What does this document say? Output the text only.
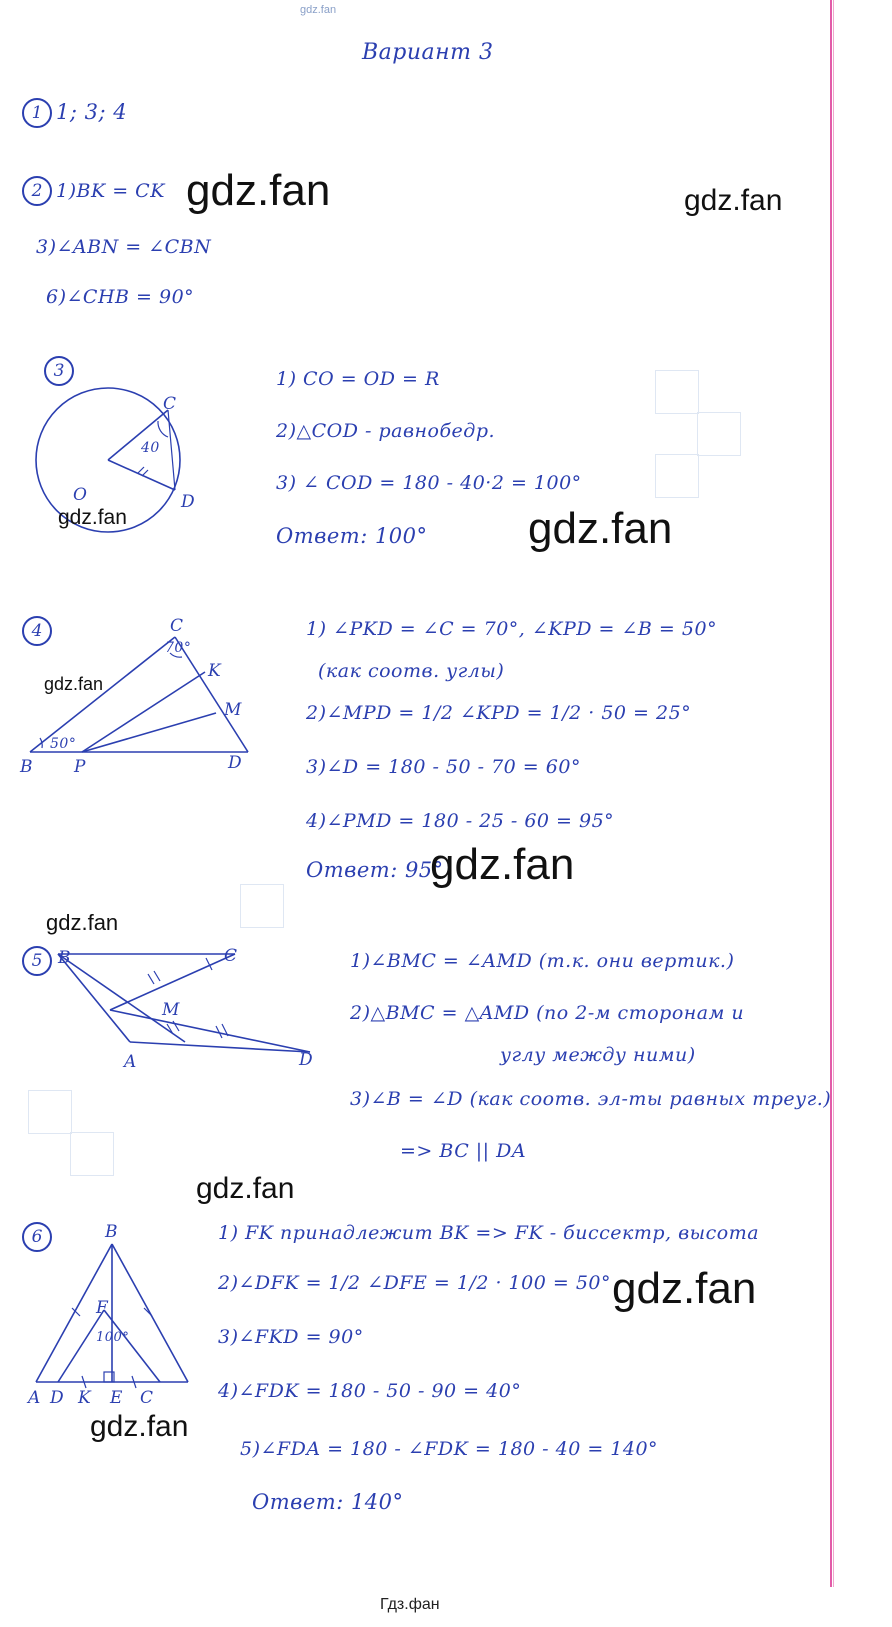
gdz.fan
Вариант 3
1 1; 3; 4
2 1)BK = CK
3)∠ABN = ∠CBN
6)∠CHB = 90°
3
C
O	D
40
1) CO = OD = R
2)△COD - равнобедр.
3) ∠ COD = 180 - 40·2 = 100°
Ответ: 100°
4	C
K
M
B P	D
70°
50°
1) ∠PKD = ∠C = 70°, ∠KPD = ∠B = 50°
(как соотв. углы)
2)∠MPD = 1/2 ∠KPD = 1/2 · 50 = 25°
3)∠D = 180 - 50 - 70 = 60°
4)∠PMD = 180 - 25 - 60 = 95°
Ответ: 95°
5 B	C
M
A	D
1)∠BMC = ∠AMD (т.к. они вертик.)
2)△BMC = △AMD (по 2-м сторонам и
углу между ними)
3)∠B = ∠D (как соотв. эл-ты равных треуг.)
=> BC || DA
6	B
F
A D K E C
100°
1) FK принадлежит BK => FK - биссектр, высота
2)∠DFK = 1/2 ∠DFE = 1/2 · 100 = 50°
3)∠FKD = 90°
4)∠FDK = 180 - 50 - 90 = 40°
5)∠FDA = 180 - ∠FDK = 180 - 40 = 140°
Ответ: 140°
gdz.fan	gdz.fan
gdz.fan	gdz.fan
gdz.fan
gdz.fan
gdz.fan
gdz.fan
gdz.fan
gdz.fan
Гдз.фан
